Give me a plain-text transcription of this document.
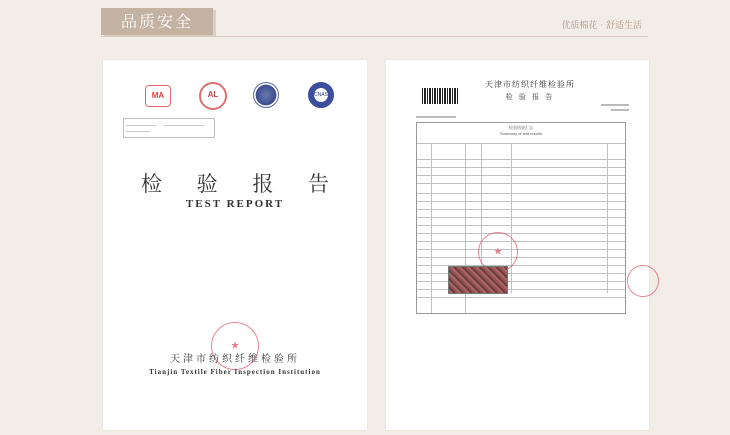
品质安全	优质棉花 · 舒适生活
MA	AL	CNAS
检 验 报 告
TEST REPORT
★
天津市纺织纤维检验所
Tianjin Textile Fiber Inspection Institution
天津市纺织纤维检验所
检 验 报 告
检验结果汇总
Summary of test results
★
